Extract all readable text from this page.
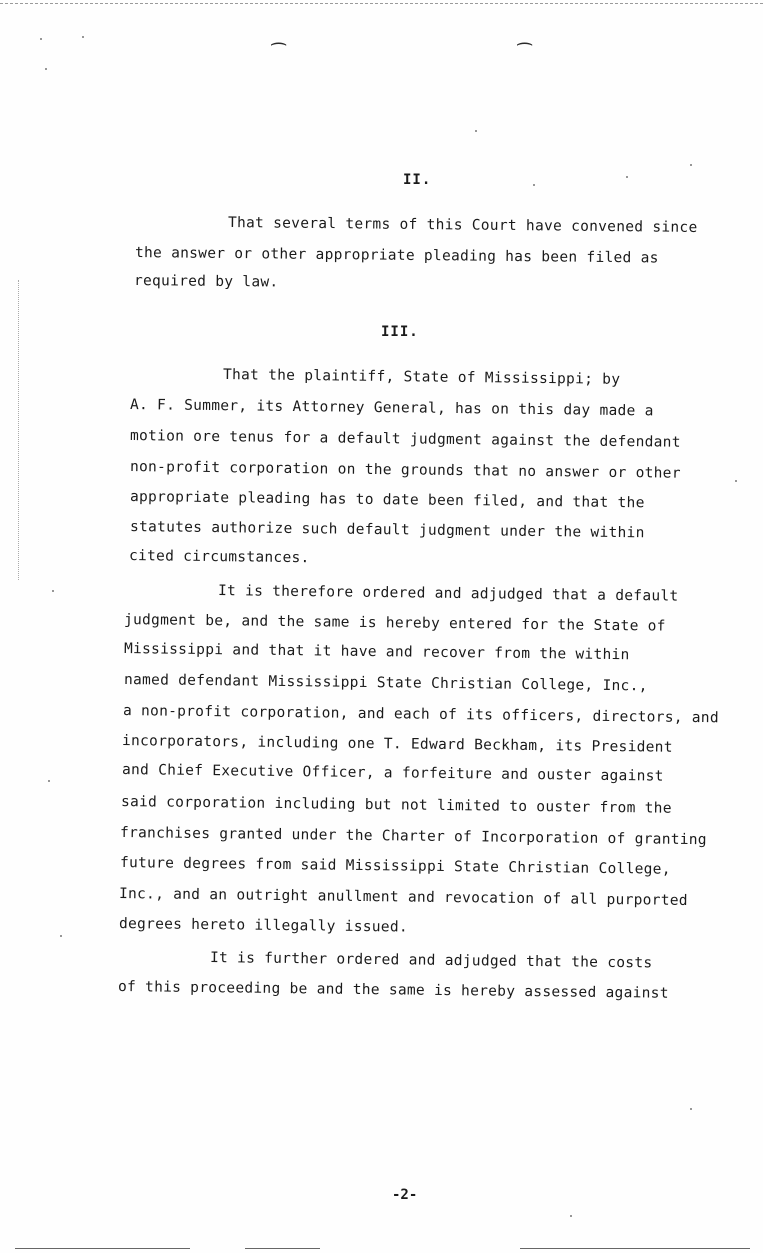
⌢	⌢
II.
That several terms of this Court have convened since
the answer or other appropriate pleading has been filed as
required by law.
III.
That the plaintiff, State of Mississippi; by
A. F. Summer, its Attorney General, has on this day made a
motion ore tenus for a default judgment against the defendant
non-profit corporation on the grounds that no answer or other
appropriate pleading has to date been filed, and that the
statutes authorize such default judgment under the within
cited circumstances.
It is therefore ordered and adjudged that a default
judgment be, and the same is hereby entered for the State of
Mississippi and that it have and recover from the within
named defendant Mississippi State Christian College, Inc.,
a non-profit corporation, and each of its officers, directors, and
incorporators, including one T. Edward Beckham, its President
and Chief Executive Officer, a forfeiture and ouster against
said corporation including but not limited to ouster from the
franchises granted under the Charter of Incorporation of granting
future degrees from said Mississippi State Christian College,
Inc., and an outright anullment and revocation of all purported
degrees hereto illegally issued.
It is further ordered and adjudged that the costs
of this proceeding be and the same is hereby assessed against
-2-
